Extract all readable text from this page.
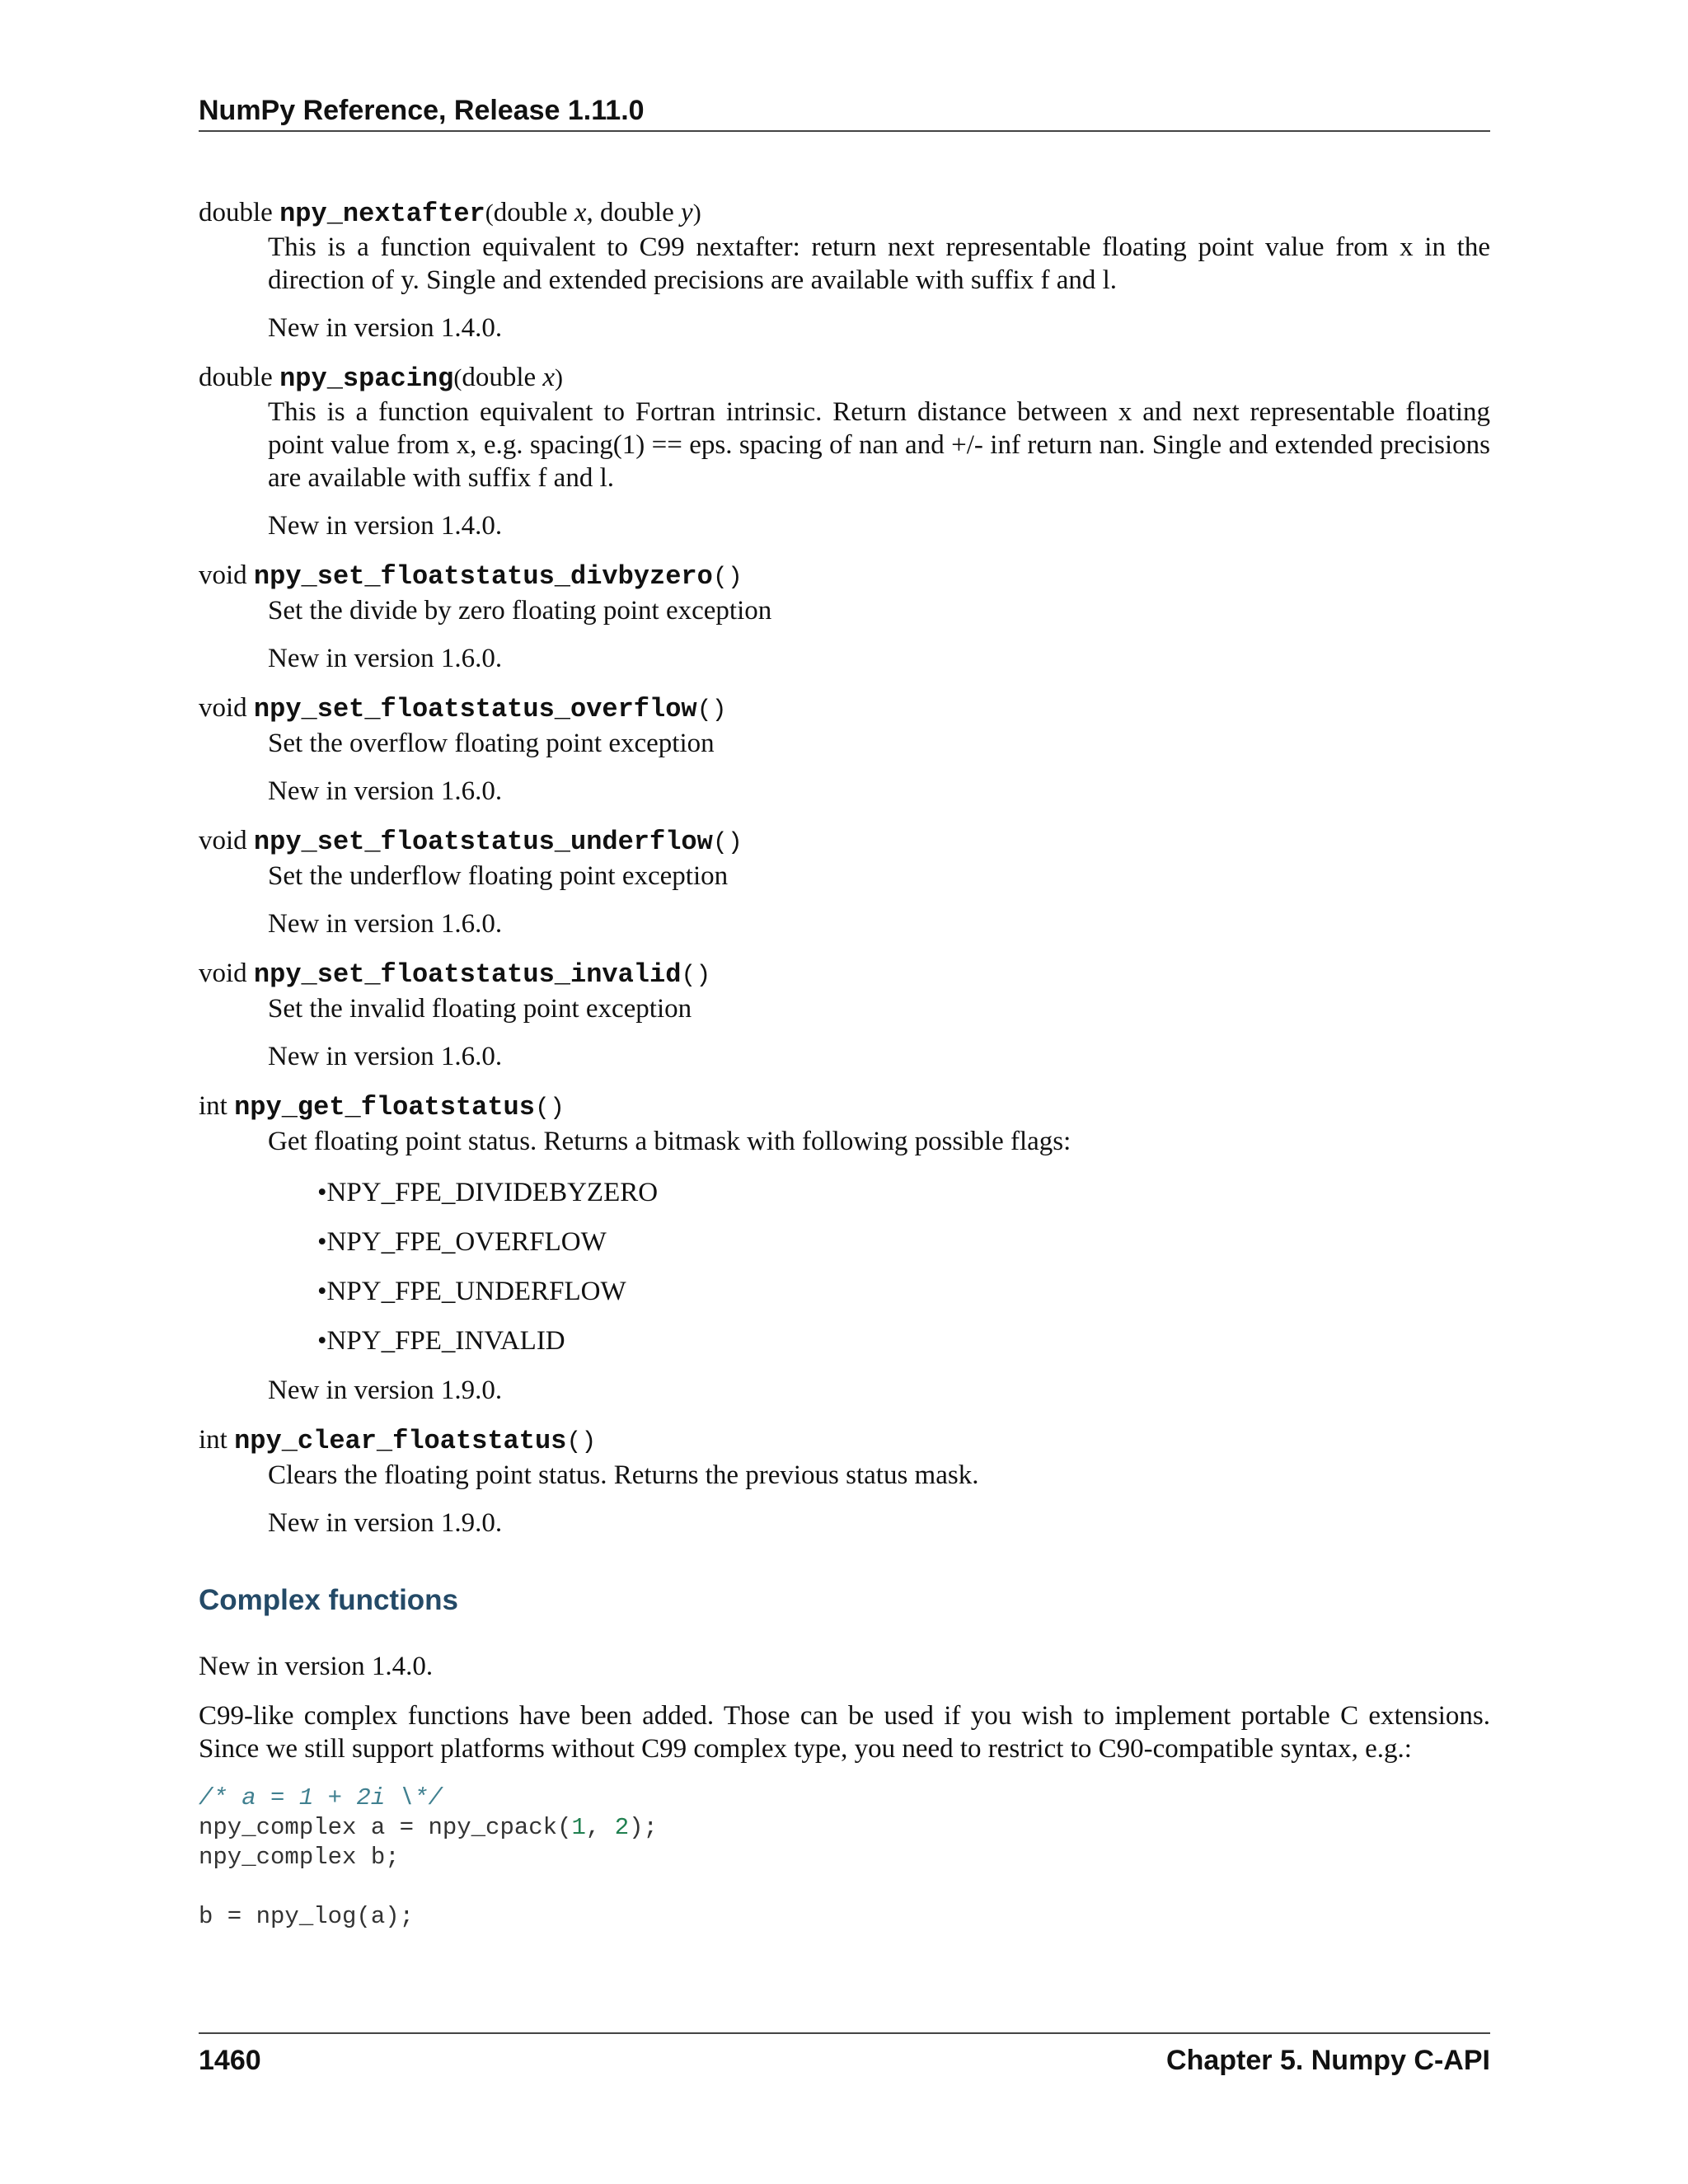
NumPy Reference, Release 1.11.0

double npy_nextafter(double x, double y)

This is a function equivalent to C99 nextafter: return next representable floating point value from x in the direction of y. Single and extended precisions are available with suffix f and l.

New in version 1.4.0.

double npy_spacing(double x)

This is a function equivalent to Fortran intrinsic. Return distance between x and next representable floating point value from x, e.g. spacing(1) == eps. spacing of nan and +/- inf return nan. Single and extended precisions are available with suffix f and l.

New in version 1.4.0.

void npy_set_floatstatus_divbyzero()

Set the divide by zero floating point exception

New in version 1.6.0.

void npy_set_floatstatus_overflow()

Set the overflow floating point exception

New in version 1.6.0.

void npy_set_floatstatus_underflow()

Set the underflow floating point exception

New in version 1.6.0.

void npy_set_floatstatus_invalid()

Set the invalid floating point exception

New in version 1.6.0.

int npy_get_floatstatus()

Get floating point status. Returns a bitmask with following possible flags:

•NPY_FPE_DIVIDEBYZERO
•NPY_FPE_OVERFLOW
•NPY_FPE_UNDERFLOW
•NPY_FPE_INVALID

New in version 1.9.0.

int npy_clear_floatstatus()

Clears the floating point status. Returns the previous status mask.

New in version 1.9.0.

Complex functions

New in version 1.4.0.

C99-like complex functions have been added. Those can be used if you wish to implement portable C extensions. Since we still support platforms without C99 complex type, you need to restrict to C90-compatible syntax, e.g.:

/* a = 1 + 2i \*/
npy_complex a = npy_cpack(1, 2);
npy_complex b;

b = npy_log(a);
1460	Chapter 5. Numpy C-API
